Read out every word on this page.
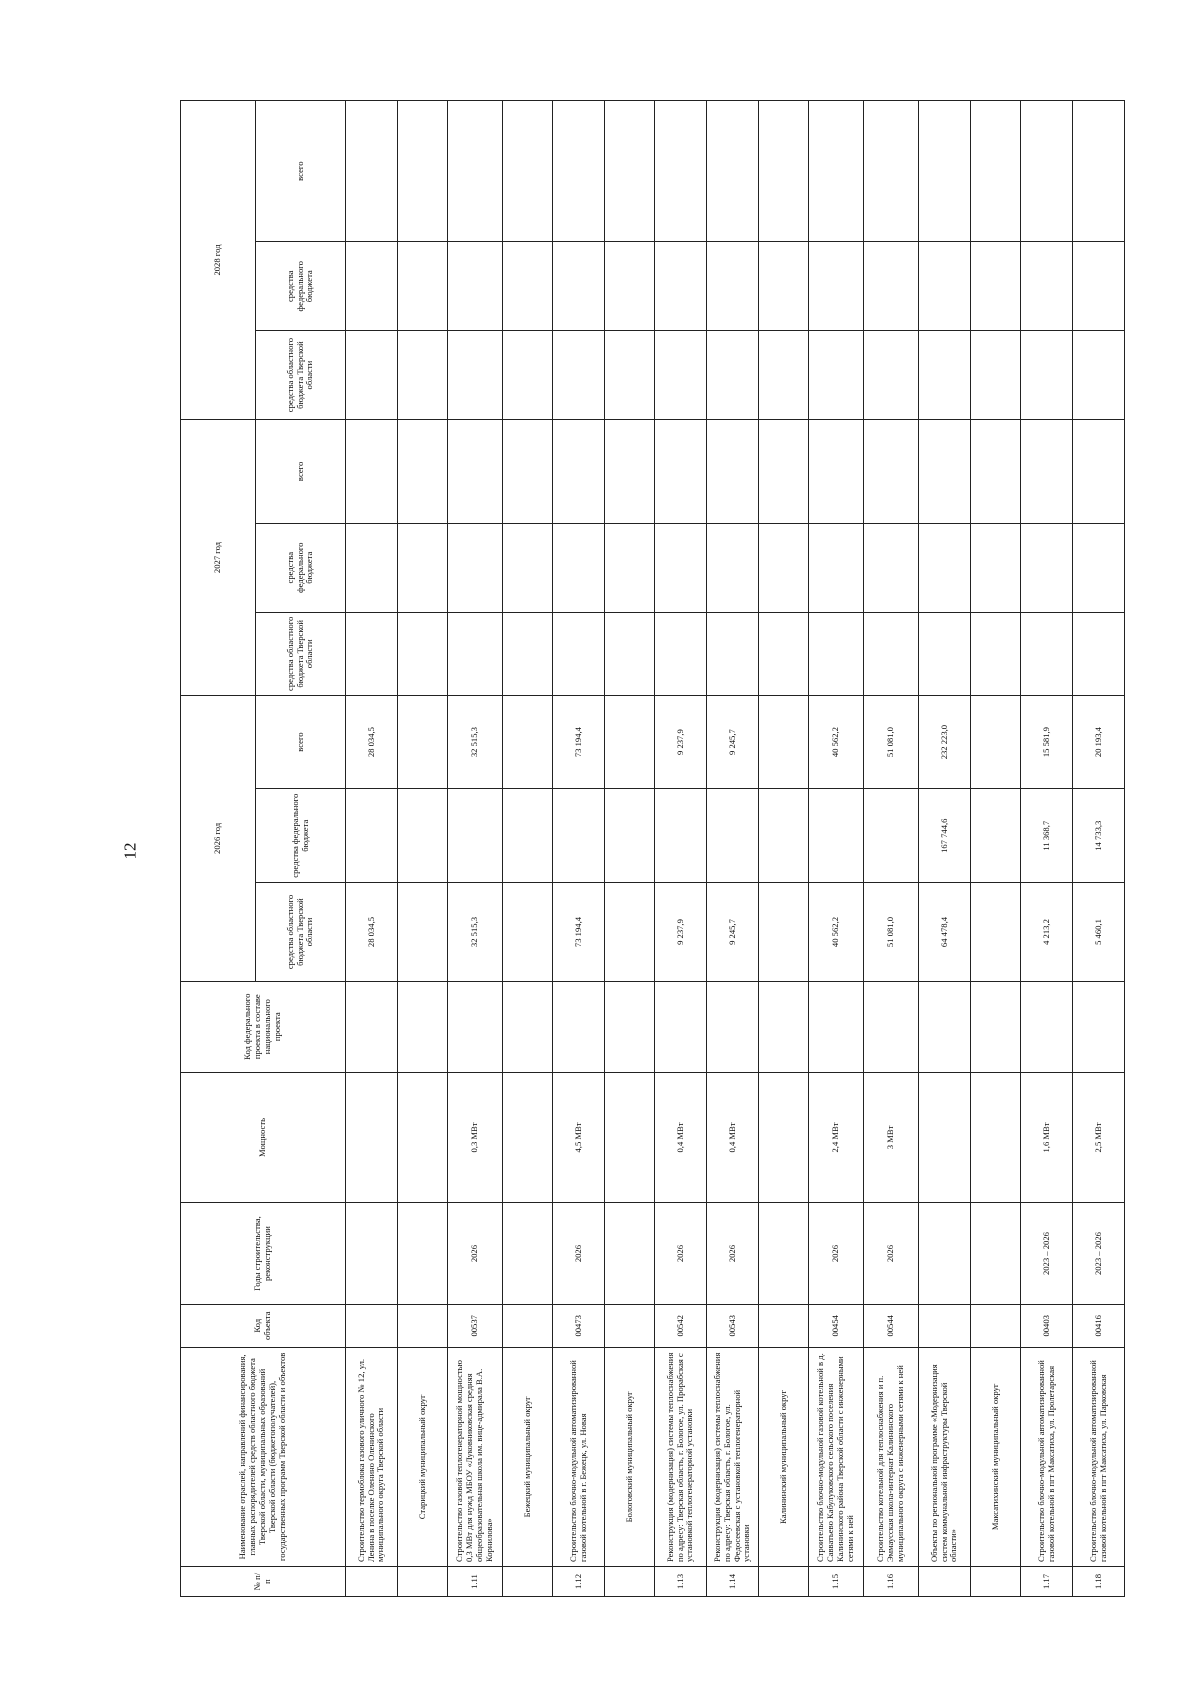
12
№ п/п	Наименование отраслей, направлений финансирования, главных распорядителей средств областного бюджета Тверской области, муниципальных образований Тверской области (бюджетополучателей), государственных программ Тверской области и объектов	Код объекта	Годы строительства, реконструкции	Мощность	Код федерального проекта в составе национального проекта	2026 год			2027 год			2028 год		
						средства областного бюджета Тверской области	средства федерального бюджета	всего	средства областного бюджета Тверской области	средства федерального бюджета	всего	средства областного бюджета Тверской области	средства федерального бюджета	всего
	Строительство термоблока газового уличного № 12, ул. Ленина в поселке Оленино Оленинского муниципального округа Тверской области					28 034,5		28 034,5						
	Старицкий муниципальный округ													
1.11	Строительство газовой теплогенераторной мощностью 0,3 МВт для нужд МБОУ «Луковниковская средняя общеобразовательная школа им. вице-адмирала В.А. Корнилова»	00537	2026	0,3 МВт		32 515,3		32 515,3						
	Бежецкий муниципальный округ													
1.12	Строительство блочно-модульной автоматизированной газовой котельной в г. Бежецк, ул. Новая	00473	2026	4,5 МВт		73 194,4		73 194,4						
	Бологовский муниципальный округ													
1.13	Реконструкция (модернизация) системы теплоснабжения по адресу: Тверская область, г. Бологое, ул. Прорабская с установкой теплогенераторной установки	00542	2026	0,4 МВт		9 237,9		9 237,9						
1.14	Реконструкция (модернизация) системы теплоснабжения по адресу: Тверская область, г. Бологое, ул. Федосеевская с установкой теплогенераторной установки	00543	2026	0,4 МВт		9 245,7		9 245,7						
	Калининский муниципальный округ													
1.15	Строительство блочно-модульной газовой котельной в д. Савватьево Кабулуковского сельского поселения Калининского района Тверской области с инженерными сетями к ней	00454	2026	2,4 МВт		40 562,2		40 562,2						
1.16	Строительство котельной для теплоснабжения и п. Эммаусская школа-интернат Калининского муниципального округа с инженерными сетями к ней	00544	2026	3 МВт		51 081,0		51 081,0						
	Объекты по региональной программе «Модернизация систем коммунальной инфраструктуры Тверской области»					64 478,4	167 744,6	232 223,0						
	Максатихинский муниципальный округ													
1.17	Строительство блочно-модульной автоматизированной газовой котельной в пгт Максатиха, ул. Пролетарская	00403	2023 – 2026	1,6 МВт		4 213,2	11 368,7	15 581,9						
1.18	Строительство блочно-модульной автоматизированной газовой котельной в пгт Максатиха, ул. Парковская	00416	2023 – 2026	2,5 МВт		5 460,1	14 733,3	20 193,4						
